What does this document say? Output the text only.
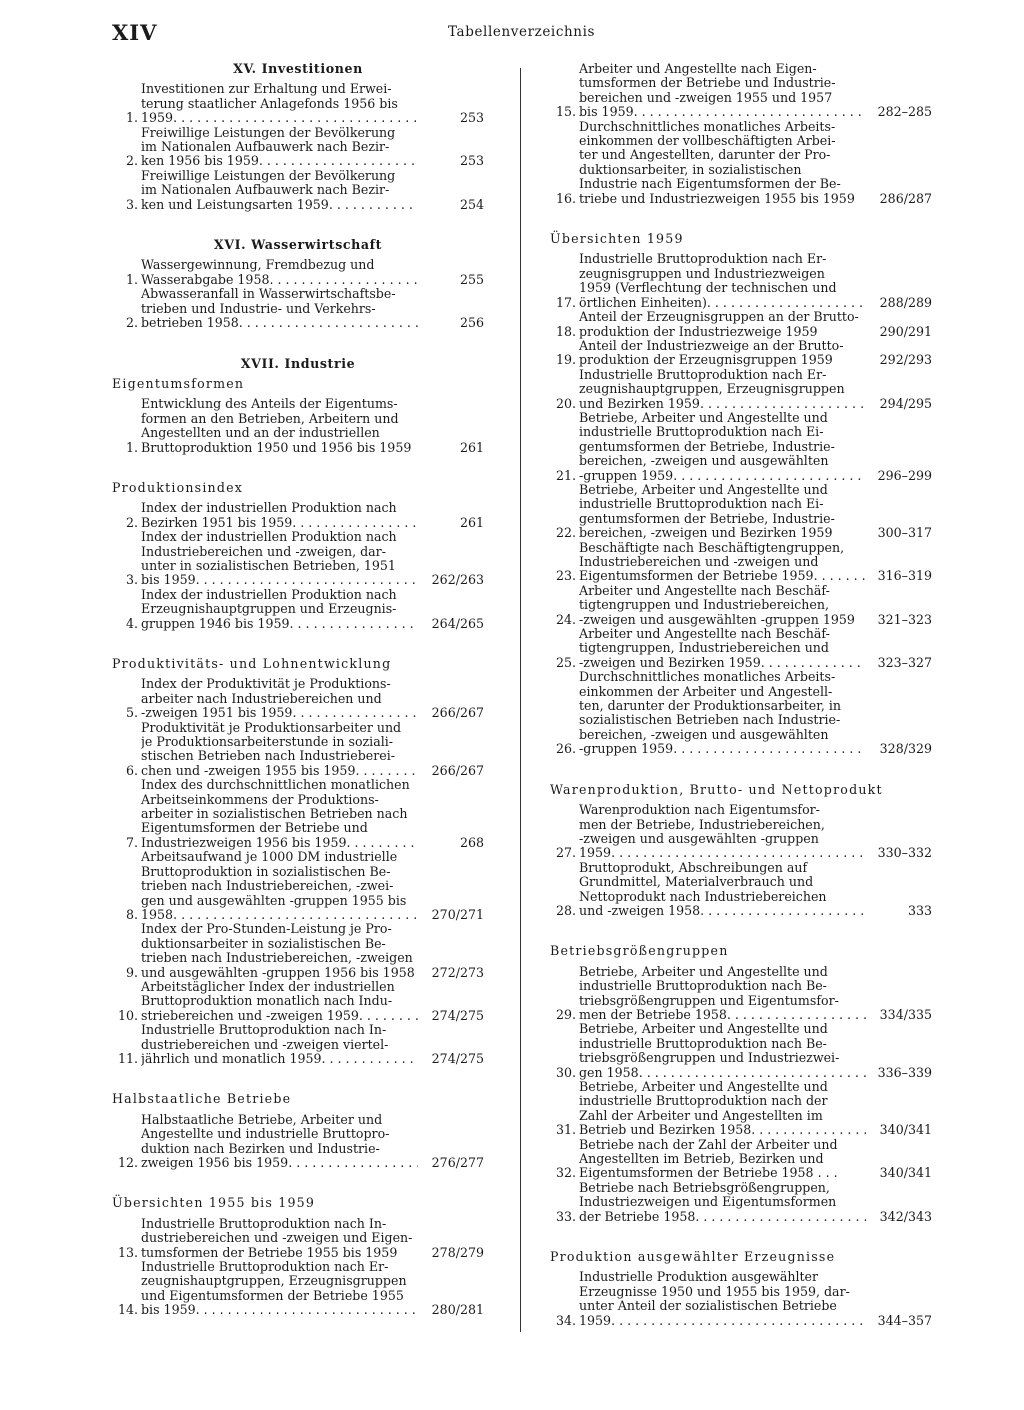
XIV	Tabellenverzeichnis
XV. Investitionen
1.
Investitionen zur Erhaltung und Erwei-
terung staatlicher Anlagefonds 1956 bis
1959 . . .	253
2.
Freiwillige Leistungen der Bevölkerung
im Nationalen Aufbauwerk nach Bezir-
ken 1956 bis 1959 . . .	253
3.
Freiwillige Leistungen der Bevölkerung
im Nationalen Aufbauwerk nach Bezir-
ken und Leistungsarten 1959 . . .	254
XVI. Wasserwirtschaft
1.
Wassergewinnung, Fremdbezug und
Wasserabgabe 1958 . . .	255
2.
Abwasseranfall in Wasserwirtschaftsbe-
trieben und Industrie- und Verkehrs-
betrieben 1958 . . .	256
XVII. Industrie
Eigentumsformen
1.
Entwicklung des Anteils der Eigentums-
formen an den Betrieben, Arbeitern und
Angestellten und an der industriellen
Bruttoproduktion 1950 und 1956 bis 1959	261
Produktionsindex
2.
Index der industriellen Produktion nach
Bezirken 1951 bis 1959 . . .	261
3.
Index der industriellen Produktion nach
Industriebereichen und -zweigen, dar-
unter in sozialistischen Betrieben, 1951
bis 1959 . . .	262/263
4.
Index der industriellen Produktion nach
Erzeugnishauptgruppen und Erzeugnis-
gruppen 1946 bis 1959 . . .	264/265
Produktivitäts- und Lohnentwicklung
5.
Index der Produktivität je Produktions-
arbeiter nach Industriebereichen und
-zweigen 1951 bis 1959 . . .	266/267
6.
Produktivität je Produktionsarbeiter und
je Produktionsarbeiterstunde in soziali-
stischen Betrieben nach Industrieberei-
chen und -zweigen 1955 bis 1959 . . .	266/267
7.
Index des durchschnittlichen monatlichen
Arbeitseinkommens der Produktions-
arbeiter in sozialistischen Betrieben nach
Eigentumsformen der Betriebe und
Industriezweigen 1956 bis 1959 . . .	268
8.
Arbeitsaufwand je 1000 DM industrielle
Bruttoproduktion in sozialistischen Be-
trieben nach Industriebereichen, -zwei-
gen und ausgewählten -gruppen 1955 bis
1958 . . .	270/271
9.
Index der Pro-Stunden-Leistung je Pro-
duktionsarbeiter in sozialistischen Be-
trieben nach Industriebereichen, -zweigen
und ausgewählten -gruppen 1956 bis 1958	272/273
10.
Arbeitstäglicher Index der industriellen
Bruttoproduktion monatlich nach Indu-
striebereichen und -zweigen 1959 . . .	274/275
11.
Industrielle Bruttoproduktion nach In-
dustriebereichen und -zweigen viertel-
jährlich und monatlich 1959 . . .	274/275
Halbstaatliche Betriebe
12.
Halbstaatliche Betriebe, Arbeiter und
Angestellte und industrielle Bruttopro-
duktion nach Bezirken und Industrie-
zweigen 1956 bis 1959 . . .	276/277
Übersichten 1955 bis 1959
13.
Industrielle Bruttoproduktion nach In-
dustriebereichen und -zweigen und Eigen-
tumsformen der Betriebe 1955 bis 1959	278/279
14.
Industrielle Bruttoproduktion nach Er-
zeugnishauptgruppen, Erzeugnisgruppen
und Eigentumsformen der Betriebe 1955
bis 1959 . . .	280/281
15.
Arbeiter und Angestellte nach Eigen-
tumsformen der Betriebe und Industrie-
bereichen und -zweigen 1955 und 1957
bis 1959 . . .	282–285
16.
Durchschnittliches monatliches Arbeits-
einkommen der vollbeschäftigten Arbei-
ter und Angestellten, darunter der Pro-
duktionsarbeiter, in sozialistischen
Industrie nach Eigentumsformen der Be-
triebe und Industriezweigen 1955 bis 1959	286/287
Übersichten 1959
17.
Industrielle Bruttoproduktion nach Er-
zeugnisgruppen und Industriezweigen
1959 (Verflechtung der technischen und
örtlichen Einheiten) . . .	288/289
18.
Anteil der Erzeugnisgruppen an der Brutto-
produktion der Industriezweige 1959	290/291
19.
Anteil der Industriezweige an der Brutto-
produktion der Erzeugnisgruppen 1959	292/293
20.
Industrielle Bruttoproduktion nach Er-
zeugnishauptgruppen, Erzeugnisgruppen
und Bezirken 1959 . . .	294/295
21.
Betriebe, Arbeiter und Angestellte und
industrielle Bruttoproduktion nach Ei-
gentumsformen der Betriebe, Industrie-
bereichen, -zweigen und ausgewählten
-gruppen 1959 . . .	296–299
22.
Betriebe, Arbeiter und Angestellte und
industrielle Bruttoproduktion nach Ei-
gentumsformen der Betriebe, Industrie-
bereichen, -zweigen und Bezirken 1959	300–317
23.
Beschäftigte nach Beschäftigtengruppen,
Industriebereichen und -zweigen und
Eigentumsformen der Betriebe 1959 . . .	316–319
24.
Arbeiter und Angestellte nach Beschäf-
tigtengruppen und Industriebereichen,
-zweigen und ausgewählten -gruppen 1959	321–323
25.
Arbeiter und Angestellte nach Beschäf-
tigtengruppen, Industriebereichen und
-zweigen und Bezirken 1959 . . .	323–327
26.
Durchschnittliches monatliches Arbeits-
einkommen der Arbeiter und Angestell-
ten, darunter der Produktionsarbeiter, in
sozialistischen Betrieben nach Industrie-
bereichen, -zweigen und ausgewählten
-gruppen 1959 . . .	328/329
Warenproduktion, Brutto- und Nettoprodukt
27.
Warenproduktion nach Eigentumsfor-
men der Betriebe, Industriebereichen,
-zweigen und ausgewählten -gruppen
1959 . . .	330–332
28.
Bruttoprodukt, Abschreibungen auf
Grundmittel, Materialverbrauch und
Nettoprodukt nach Industriebereichen
und -zweigen 1958 . . .	333
Betriebsgrößengruppen
29.
Betriebe, Arbeiter und Angestellte und
industrielle Bruttoproduktion nach Be-
triebsgrößengruppen und Eigentumsfor-
men der Betriebe 1958 . . .	334/335
30.
Betriebe, Arbeiter und Angestellte und
industrielle Bruttoproduktion nach Be-
triebsgrößengruppen und Industriezwei-
gen 1958 . . .	336–339
31.
Betriebe, Arbeiter und Angestellte und
industrielle Bruttoproduktion nach der
Zahl der Arbeiter und Angestellten im
Betrieb und Bezirken 1958 . . .	340/341
32.
Betriebe nach der Zahl der Arbeiter und
Angestellten im Betrieb, Bezirken und
Eigentumsformen der Betriebe 1958 . . .	340/341
33.
Betriebe nach Betriebsgrößengruppen,
Industriezweigen und Eigentumsformen
der Betriebe 1958 . . .	342/343
Produktion ausgewählter Erzeugnisse
34.
Industrielle Produktion ausgewählter
Erzeugnisse 1950 und 1955 bis 1959, dar-
unter Anteil der sozialistischen Betriebe
1959 . . .	344–357
